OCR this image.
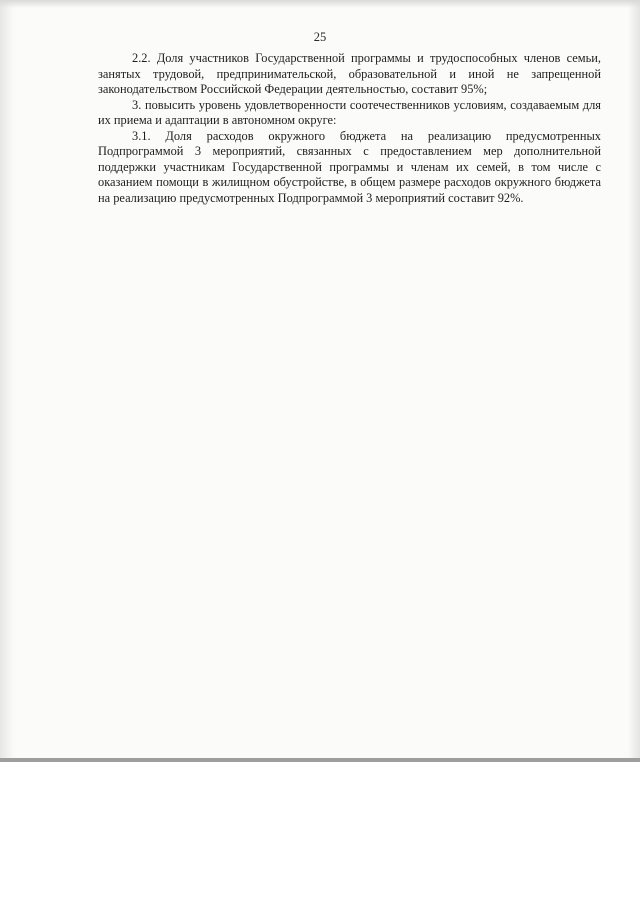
25

2.2. Доля участников Государственной программы и трудоспособных членов семьи, занятых трудовой, предпринимательской, образовательной и иной не запрещенной законодательством Российской Федерации деятельностью, составит 95%;

3. повысить уровень удовлетворенности соотечественников условиям, создаваемым для их приема и адаптации в автономном округе:

3.1. Доля расходов окружного бюджета на реализацию предусмотренных Подпрограммой 3 мероприятий, связанных с предоставлением мер дополнительной поддержки участникам Государственной программы и членам их семей, в том числе с оказанием помощи в жилищном обустройстве, в общем размере расходов окружного бюджета на реализацию предусмотренных Подпрограммой 3 мероприятий составит 92%.
